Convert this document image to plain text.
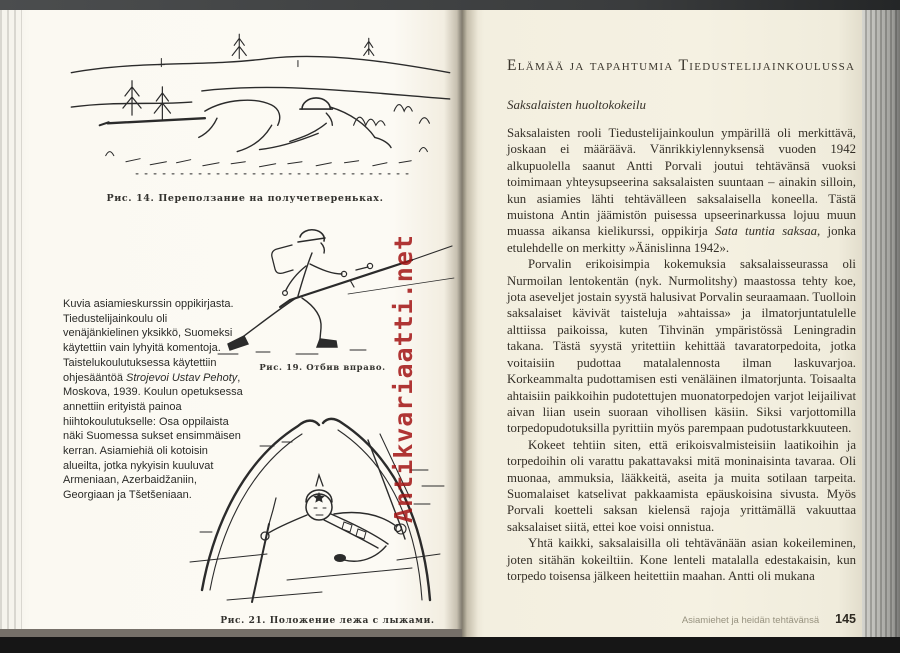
Рис. 14. Переползание на получетвереньках.
Рис. 19. Отбив вправо.
Kuvia asiamieskurssin oppikirjasta. Tiedustelijainkoulu oli venäjänkielinen yksikkö, Suomeksi käytettiin vain lyhyitä komentoja. Taistelukoulutuksessa käytettiin ohjesääntöä Strojevoi Ustav Pehoty, Moskova, 1939. Koulun opetuksessa annettiin erityistä painoa hiihtokoulutukselle: Osa oppilaista näki Suomessa sukset ensimmäisen kerran. Asiamiehiä oli kotoisin alueilta, jotka nykyisin kuuluvat Armeniaan, Azerbaidžaniin, Georgiaan ja Tšetšeniaan.
Рис. 21. Положение лежа с лыжами.
Antikvariaatti.net
Elämää ja tapahtumia Tiedustelijainkoulussa
Saksalaisten huoltokokeilu

Saksalaisten rooli Tiedustelijainkoulun ympärillä oli merkittävä, joskaan ei määräävä. Vänrikkiylennyksensä vuoden 1942 alkupuolella saanut Antti Porvali joutui tehtävänsä vuoksi toimimaan yhteysupseerina saksalaisten suuntaan – ainakin silloin, kun asiamies lähti tehtävälleen saksalaisella koneella. Tästä muistona Antin jäämistön puisessa upseerinarkussa lojuu muun muassa aikansa kielikurssi, oppikirja Sata tuntia saksaa, jonka etulehdelle on merkitty »Äänislinna 1942».

Porvalin erikoisimpia kokemuksia saksalaisseurassa oli Nurmoilan lentokentän (nyk. Nurmolitshy) maastossa tehty koe, jota aseveljet jostain syystä halusivat Porvalin seuraamaan. Tuolloin saksalaiset kävivät taisteluja »ahtaissa» ja ilmatorjuntatulelle alttiissa paikoissa, kuten Tihvinän ympäristössä Leningradin takana. Tästä syystä yritettiin kehittää tavaratorpedoita, jotka voitaisiin pudottaa matalalennosta ilman laskuvarjoa. Korkeammalta pudottamisen esti venäläinen ilmatorjunta. Toisaalta ahtaisiin paikkoihin pudotettujen muonatorpedojen varjot leijailivat aivan liian usein suoraan vihollisen käsiin. Siksi varjottomilla torpedopudotuksilla pyrittiin myös parempaan pudotustarkkuuteen.

Kokeet tehtiin siten, että erikoisvalmisteisiin laatikoihin ja torpedoihin oli varattu pakattavaksi mitä moninaisinta tavaraa. Oli muonaa, ammuksia, lääkkeitä, aseita ja muita sotilaan tarpeita. Suomalaiset katselivat pakkaamista epäuskoisina sivusta. Myös Porvali koetteli saksan kielensä rajoja yrittämällä vakuuttaa saksalaiset siitä, ettei koe voisi onnistua.

Yhtä kaikki, saksalaisilla oli tehtävänään asian kokeileminen, joten sitähän kokeiltiin. Kone lenteli matalalla edestakaisin, kun torpedo toisensa jälkeen heitettiin maahan. Antti oli mukana

Asiamiehet ja heidän tehtävänsä 145
